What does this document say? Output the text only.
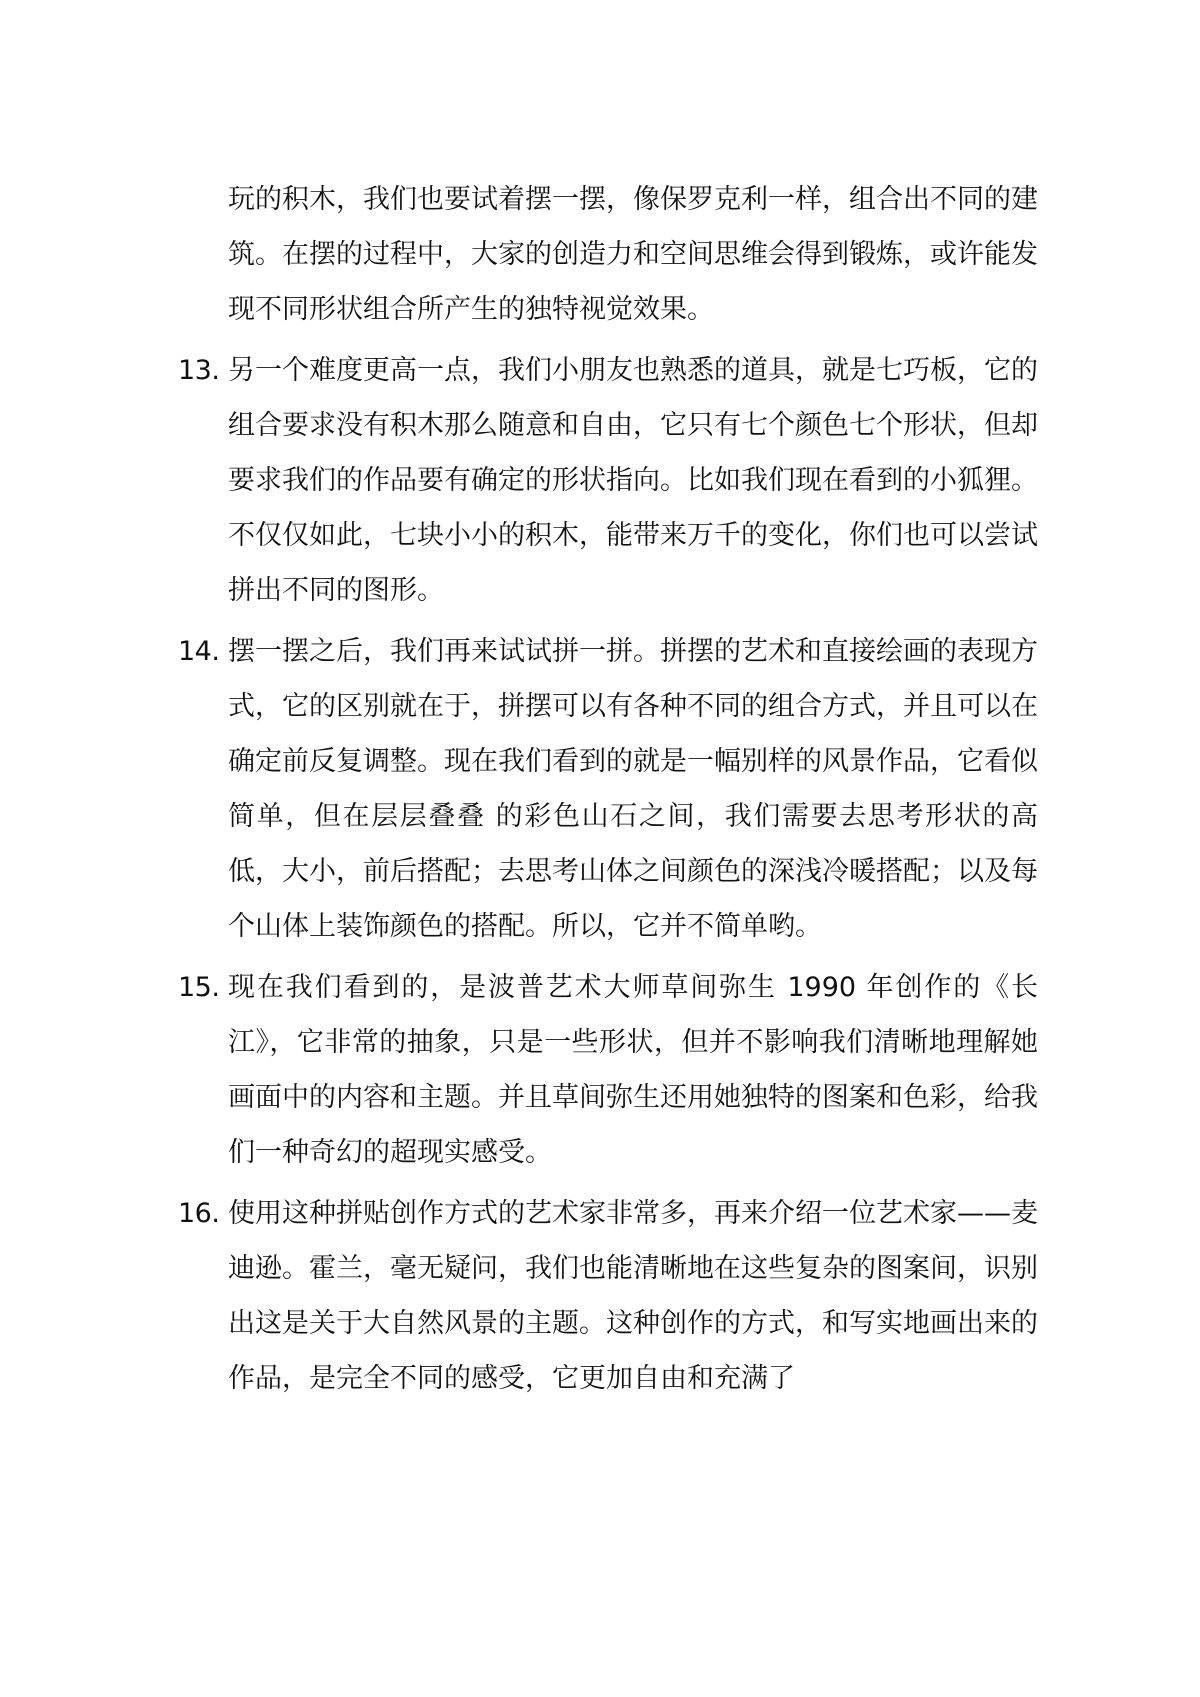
玩的积木，我们也要试着摆一摆，像保罗克利一样，组合出不同的建筑。在摆的过程中，大家的创造力和空间思维会得到锻炼，或许能发现不同形状组合所产生的独特视觉效果。

13. 另一个难度更高一点，我们小朋友也熟悉的道具，就是七巧板，它的组合要求没有积木那么随意和自由，它只有七个颜色七个形状，但却要求我们的作品要有确定的形状指向。比如我们现在看到的小狐狸。不仅仅如此，七块小小的积木，能带来万千的变化，你们也可以尝试拼出不同的图形。
14. 摆一摆之后，我们再来试试拼一拼。拼摆的艺术和直接绘画的表现方式，它的区别就在于，拼摆可以有各种不同的组合方式，并且可以在确定前反复调整。现在我们看到的就是一幅别样的风景作品，它看似简单，但在层层叠叠 的彩色山石之间，我们需要去思考形状的高低，大小，前后搭配；去思考山体之间颜色的深浅冷暖搭配；以及每个山体上装饰颜色的搭配。所以，它并不简单哟。
15. 现在我们看到的，是波普艺术大师草间弥生 1990 年创作的《长江》，它非常的抽象，只是一些形状，但并不影响我们清晰地理解她画面中的内容和主题。并且草间弥生还用她独特的图案和色彩，给我们一种奇幻的超现实感受。
16. 使用这种拼贴创作方式的艺术家非常多，再来介绍一位艺术家——麦迪逊。霍兰，毫无疑问，我们也能清晰地在这些复杂的图案间，识别出这是关于大自然风景的主题。这种创作的方式，和写实地画出来的作品，是完全不同的感受，它更加自由和充满了
